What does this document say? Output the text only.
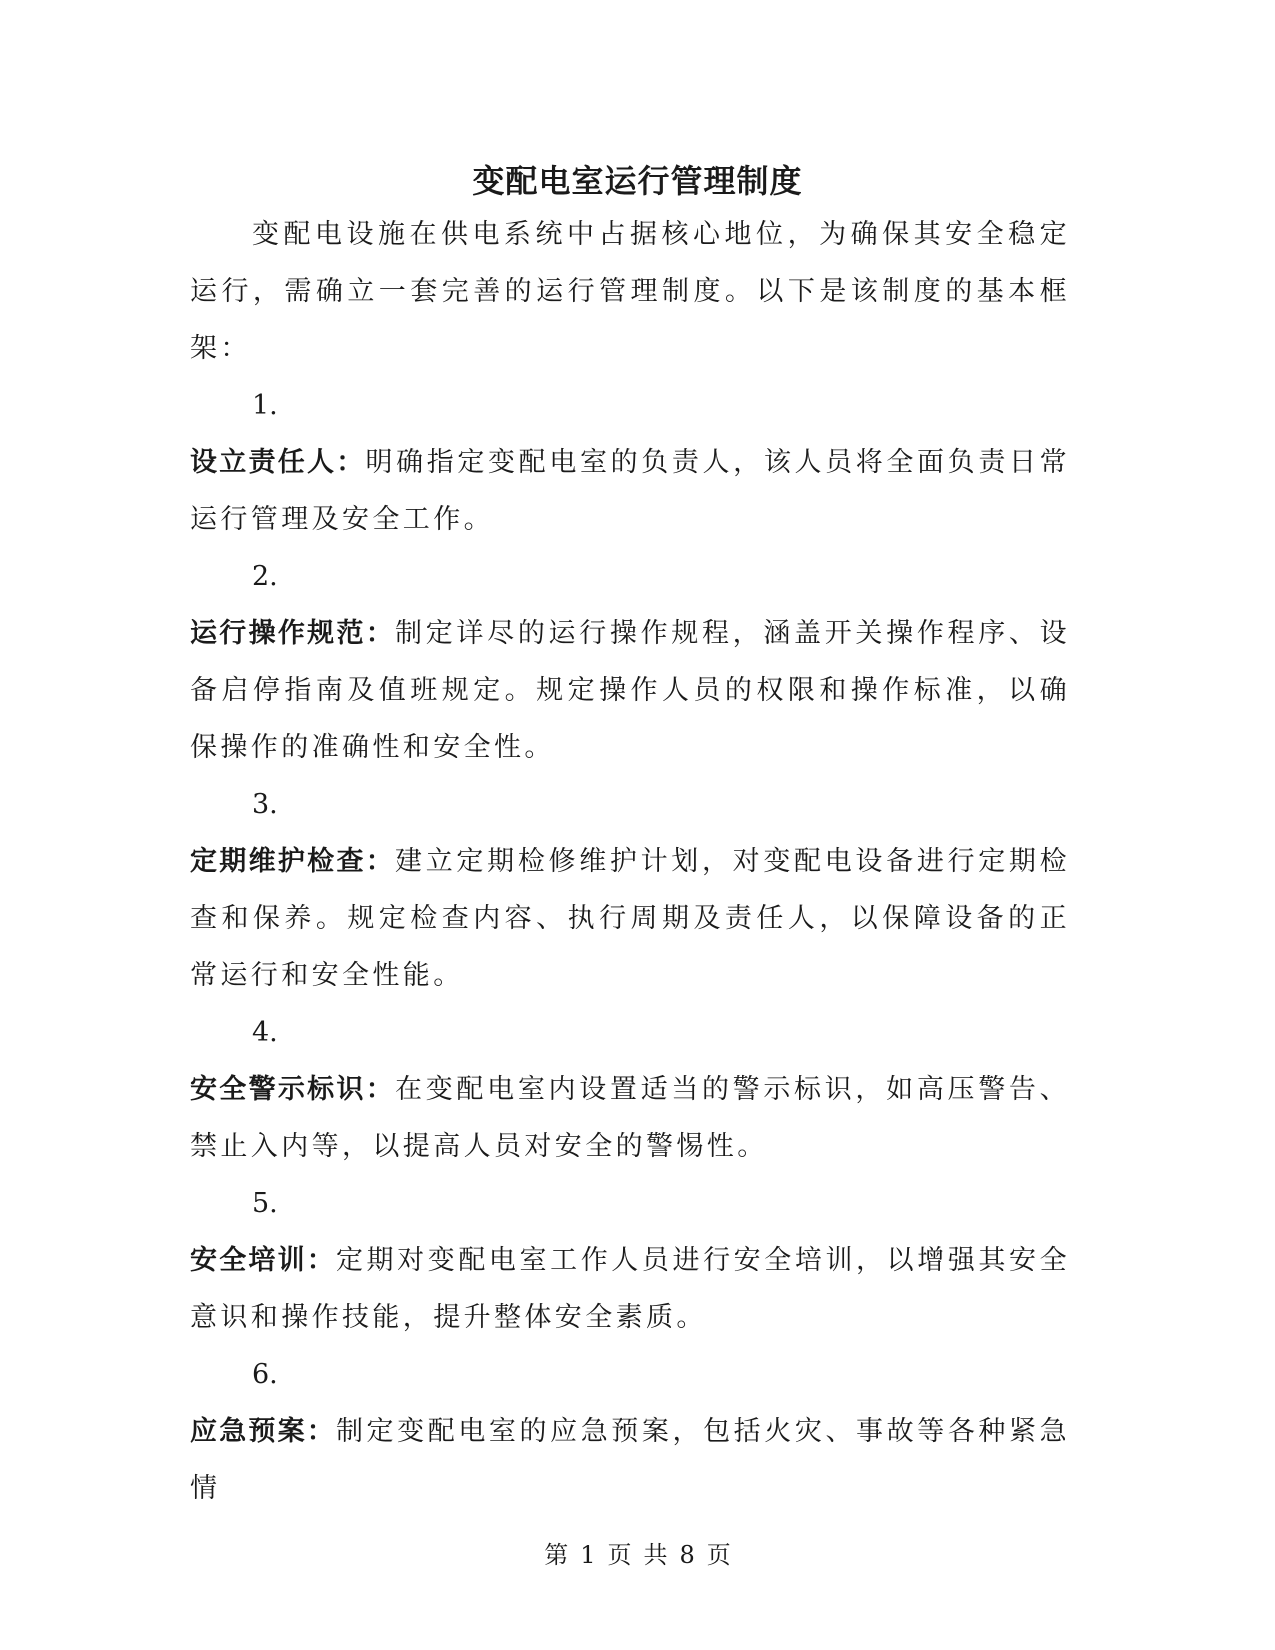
变配电室运行管理制度

变配电设施在供电系统中占据核心地位，为确保其安全稳定运行，需确立一套完善的运行管理制度。以下是该制度的基本框架：

1.

设立责任人：明确指定变配电室的负责人，该人员将全面负责日常运行管理及安全工作。

2.

运行操作规范：制定详尽的运行操作规程，涵盖开关操作程序、设备启停指南及值班规定。规定操作人员的权限和操作标准，以确保操作的准确性和安全性。

3.

定期维护检查：建立定期检修维护计划，对变配电设备进行定期检查和保养。规定检查内容、执行周期及责任人，以保障设备的正常运行和安全性能。

4.

安全警示标识：在变配电室内设置适当的警示标识，如高压警告、禁止入内等，以提高人员对安全的警惕性。

5.

安全培训：定期对变配电室工作人员进行安全培训，以增强其安全意识和操作技能，提升整体安全素质。

6.

应急预案：制定变配电室的应急预案，包括火灾、事故等各种紧急情

第 1 页 共 8 页
